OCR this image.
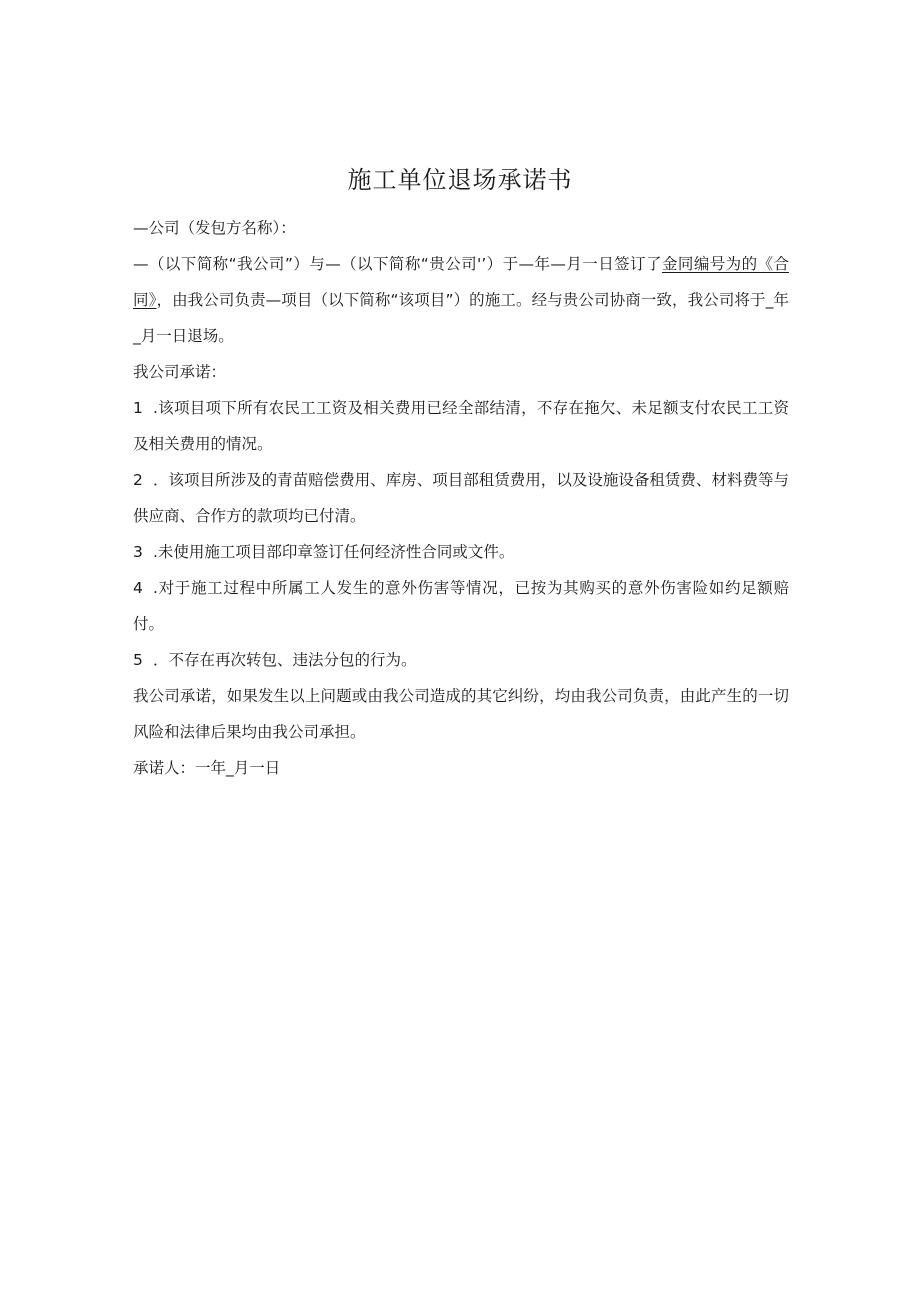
施工单位退场承诺书

—公司（发包方名称）：

—（以下简称“我公司”）与—（以下简称“贵公司'’）于—年—月一日签订了金同编号为的《合同》，由我公司负责—项目（以下简称“该项目”）的施工。经与贵公司协商一致，我公司将于_年_月一日退场。

我公司承诺：

1 .该项目项下所有农民工工资及相关费用已经全部结清，不存在拖欠、未足额支付农民工工资及相关费用的情况。

2 ．该项目所涉及的青苗赔偿费用、库房、项目部租赁费用，以及设施设备租赁费、材料费等与供应商、合作方的款项均已付清。

3 .未使用施工项目部印章签订任何经济性合同或文件。

4 .对于施工过程中所属工人发生的意外伤害等情况，已按为其购买的意外伤害险如约足额赔付。

5 ．不存在再次转包、违法分包的行为。

我公司承诺，如果发生以上问题或由我公司造成的其它纠纷，均由我公司负责，由此产生的一切风险和法律后果均由我公司承担。

承诺人：一年_月一日
